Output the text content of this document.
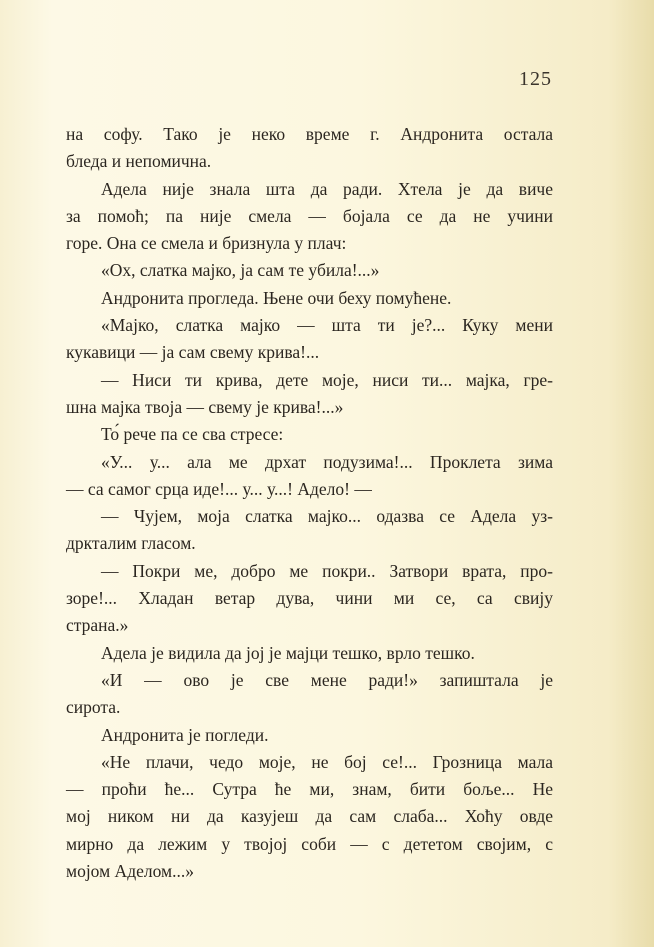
125
на софу. Тако је неко време г. Андронита остала
бледа и непомична.
Адела није знала шта да ради. Хтела је да виче
за помоћ; па није смела — бојала се да не учини
горе. Она се смела и бризнула у плач:
«Ох, слатка мајко, ја сам те убила!...»
Андронита прогледа. Њене очи беху помућене.
«Мајко, слатка мајко — шта ти је?... Куку мени
кукавици — ја сам свему крива!...
— Ниси ти крива, дете моје, ниси ти... мајка, гре-
шна мајка твоја — свему је крива!...»
То́ рече па се сва стресе:
«У... у... ала ме дрхат подузима!... Проклета зима
— са самог срца иде!... у... у...! Аделo! —
— Чујем, моја слатка мајко... одазва се Адела уз-
дркталим гласом.
— Покри ме, добро ме покри.. Затвори врата, про-
зоре!... Хладан ветар дува, чини ми се, са свију
страна.»
Адела је видила да јој је мајци тешко, врло тешко.
«И — ово је све мене ради!» запиштала је
сирота.
Андронита је погледи.
«Не плачи, чедо моје, не бој се!... Грозница мала
— проћи ће... Сутра ће ми, знам, бити боље... Не
мој ником ни да казујеш да сам слаба... Хоћу овде
мирно да лежим у твојој соби — с дететом својим, с
мојом Аделом...»
